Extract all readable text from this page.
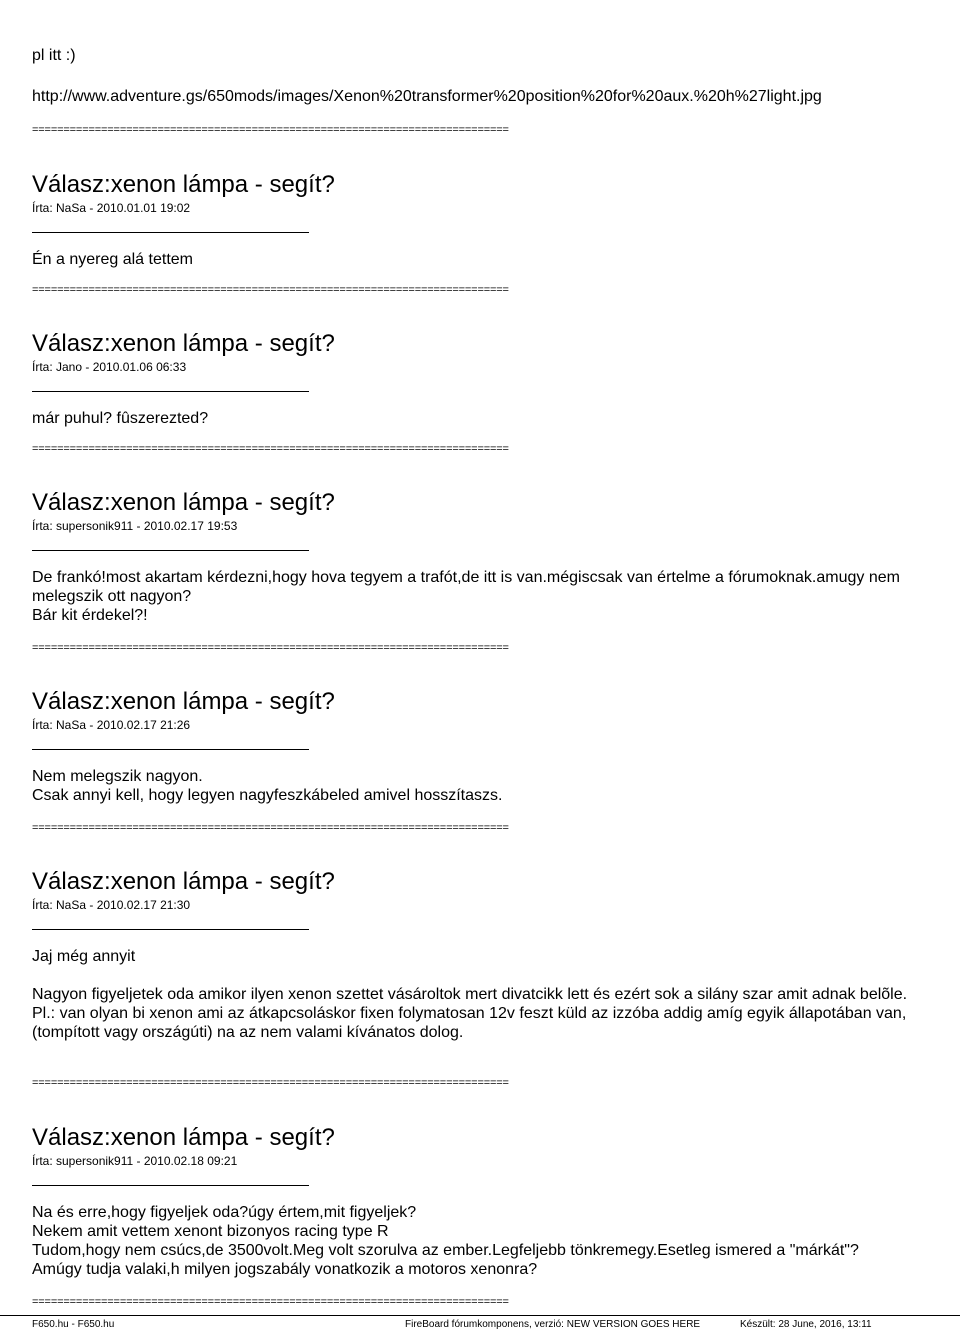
pl itt :)
http://www.adventure.gs/650mods/images/Xenon%20transformer%20position%20for%20aux.%20h%27light.jpg
============================================================================
============================================================================
============================================================================
============================================================================
============================================================================
============================================================================
============================================================================
Válasz:xenon lámpa - segít?
Írta: NaSa - 2010.01.01 19:02

Én a nyereg alá tettem

Válasz:xenon lámpa - segít?
Írta: Jano - 2010.01.06 06:33

már puhul? fûszerezted?

Válasz:xenon lámpa - segít?
Írta: supersonik911 - 2010.02.17 19:53

De frankó!most akartam kérdezni,hogy hova tegyem a trafót,de itt is van.mégiscsak van értelme a fórumoknak.amugy nem melegszik ott nagyon?

Bár kit érdekel?!

Válasz:xenon lámpa - segít?
Írta: NaSa - 2010.02.17 21:26

Nem melegszik nagyon.

Csak annyi kell, hogy legyen nagyfeszkábeled amivel hosszítaszs.

Válasz:xenon lámpa - segít?
Írta: NaSa - 2010.02.17 21:30

Jaj még annyit

Nagyon figyeljetek oda amikor ilyen xenon szettet vásároltok mert divatcikk lett és ezért sok a silány szar amit adnak belõle.

Pl.: van olyan bi xenon ami az átkapcsoláskor fixen folymatosan 12v feszt küld az izzóba addig amíg egyik állapotában van,(tompított vagy országúti) na az nem valami kívánatos dolog.

Válasz:xenon lámpa - segít?
Írta: supersonik911 - 2010.02.18 09:21

Na és erre,hogy figyeljek oda?úgy értem,mit figyeljek?

Nekem amit vettem xenont bizonyos racing type R

Tudom,hogy nem csúcs,de 3500volt.Meg volt szorulva az ember.Legfeljebb tönkremegy.Esetleg ismered a "márkát"?

Amúgy tudja valaki,h milyen jogszabály vonatkozik a motoros xenonra?

F650.hu - F650.hu	FireBoard fórumkomponens, verzió: NEW VERSION GOES HERE	Készült: 28 June, 2016, 13:11
